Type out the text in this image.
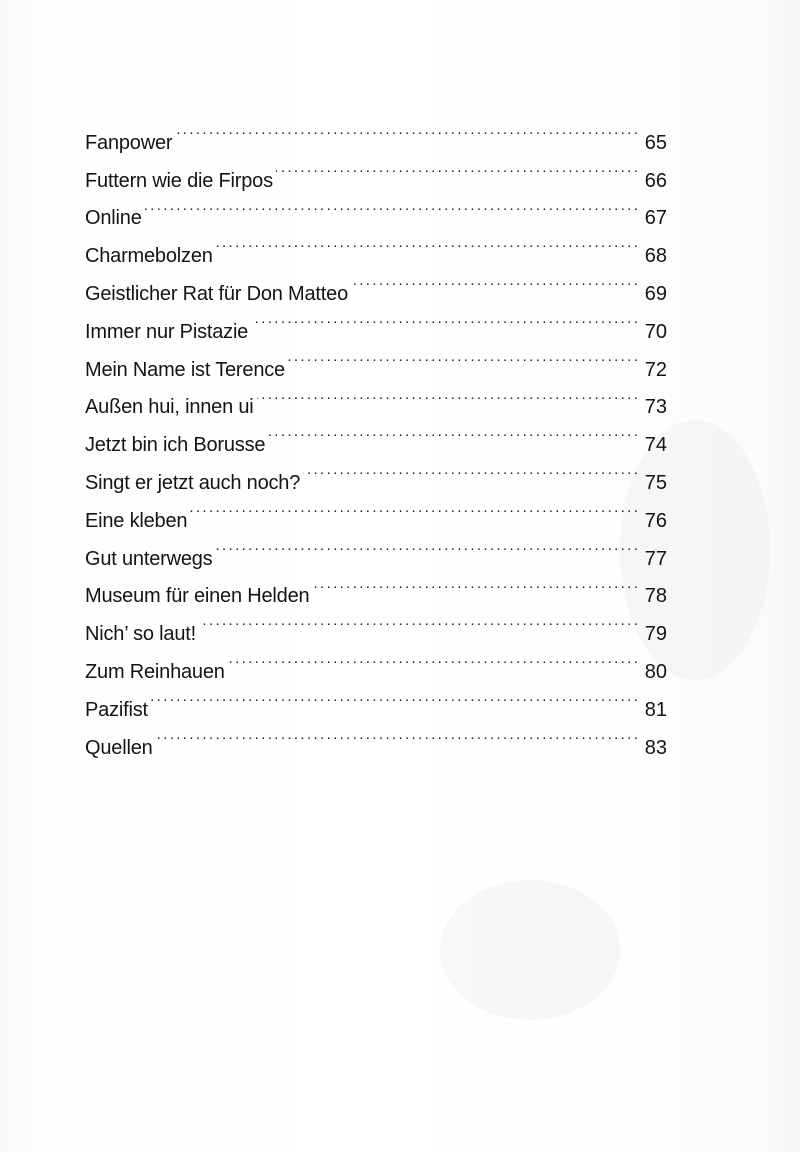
Fanpower . . .	65
Futtern wie die Firpos . . .	66
Online . . .	67
Charmebolzen . . .	68
Geistlicher Rat für Don Matteo . . .	69
Immer nur Pistazie . . .	70
Mein Name ist Terence . . .	72
Außen hui, innen ui . . .	73
Jetzt bin ich Borusse . . .	74
Singt er jetzt auch noch? . . .	75
Eine kleben . . .	76
Gut unterwegs . . .	77
Museum für einen Helden . . .	78
Nich’ so laut! . . .	79
Zum Reinhauen . . .	80
Pazifist . . .	81
Quellen . . .	83
